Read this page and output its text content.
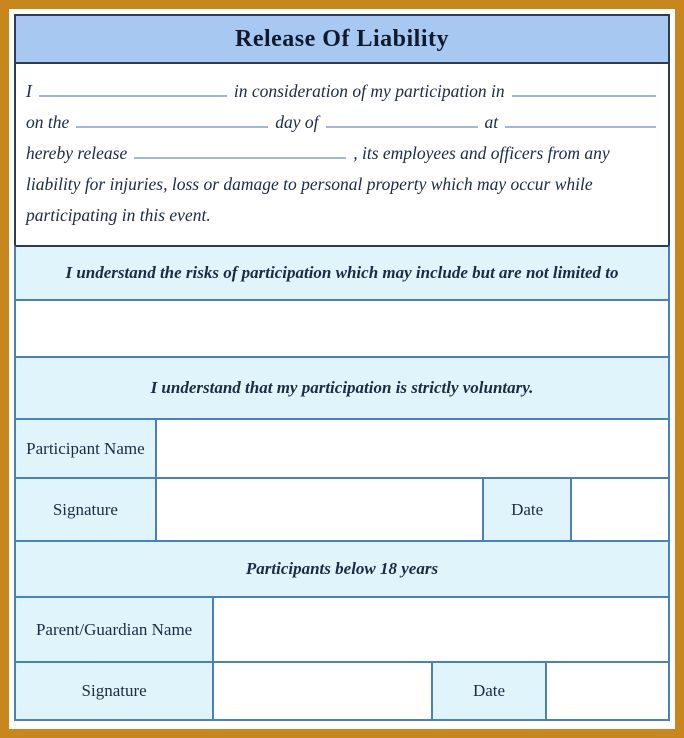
Release Of Liability
I	in consideration of my participation in
on the	day of	at
hereby release	, its employees and officers from any
liability for injuries, loss or damage to personal property which may occur while
participating in this event.
I understand the risks of participation which may include but are not limited to
I understand that my participation is strictly voluntary.
Participant Name
Signature	Date
Participants below 18 years
Parent/Guardian Name
Signature	Date
